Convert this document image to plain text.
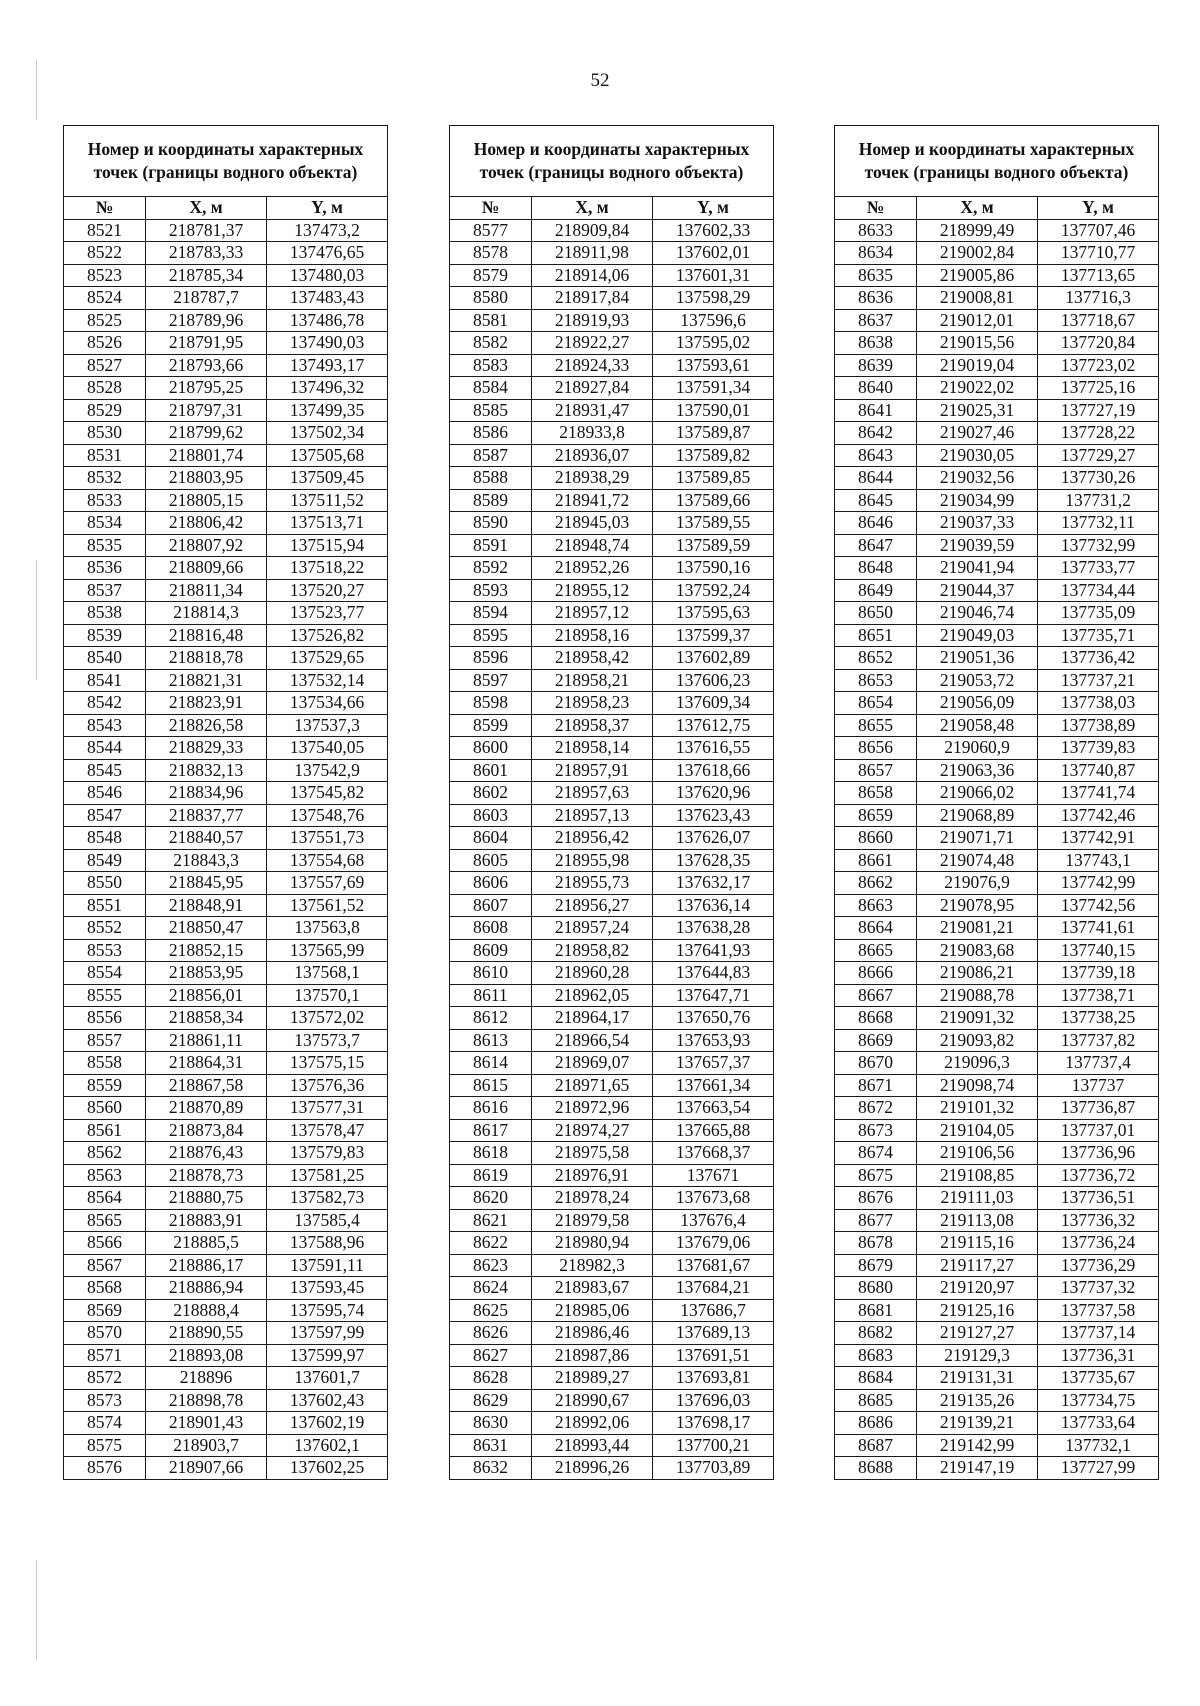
52
Номер и координаты характерных точек (границы водного объекта)		
№	X, м	Y, м
8521	218781,37	137473,2
8522	218783,33	137476,65
8523	218785,34	137480,03
8524	218787,7	137483,43
8525	218789,96	137486,78
8526	218791,95	137490,03
8527	218793,66	137493,17
8528	218795,25	137496,32
8529	218797,31	137499,35
8530	218799,62	137502,34
8531	218801,74	137505,68
8532	218803,95	137509,45
8533	218805,15	137511,52
8534	218806,42	137513,71
8535	218807,92	137515,94
8536	218809,66	137518,22
8537	218811,34	137520,27
8538	218814,3	137523,77
8539	218816,48	137526,82
8540	218818,78	137529,65
8541	218821,31	137532,14
8542	218823,91	137534,66
8543	218826,58	137537,3
8544	218829,33	137540,05
8545	218832,13	137542,9
8546	218834,96	137545,82
8547	218837,77	137548,76
8548	218840,57	137551,73
8549	218843,3	137554,68
8550	218845,95	137557,69
8551	218848,91	137561,52
8552	218850,47	137563,8
8553	218852,15	137565,99
8554	218853,95	137568,1
8555	218856,01	137570,1
8556	218858,34	137572,02
8557	218861,11	137573,7
8558	218864,31	137575,15
8559	218867,58	137576,36
8560	218870,89	137577,31
8561	218873,84	137578,47
8562	218876,43	137579,83
8563	218878,73	137581,25
8564	218880,75	137582,73
8565	218883,91	137585,4
8566	218885,5	137588,96
8567	218886,17	137591,11
8568	218886,94	137593,45
8569	218888,4	137595,74
8570	218890,55	137597,99
8571	218893,08	137599,97
8572	218896	137601,7
8573	218898,78	137602,43
8574	218901,43	137602,19
8575	218903,7	137602,1
8576	218907,66	137602,25
Номер и координаты характерных точек (границы водного объекта)		
№	X, м	Y, м
8577	218909,84	137602,33
8578	218911,98	137602,01
8579	218914,06	137601,31
8580	218917,84	137598,29
8581	218919,93	137596,6
8582	218922,27	137595,02
8583	218924,33	137593,61
8584	218927,84	137591,34
8585	218931,47	137590,01
8586	218933,8	137589,87
8587	218936,07	137589,82
8588	218938,29	137589,85
8589	218941,72	137589,66
8590	218945,03	137589,55
8591	218948,74	137589,59
8592	218952,26	137590,16
8593	218955,12	137592,24
8594	218957,12	137595,63
8595	218958,16	137599,37
8596	218958,42	137602,89
8597	218958,21	137606,23
8598	218958,23	137609,34
8599	218958,37	137612,75
8600	218958,14	137616,55
8601	218957,91	137618,66
8602	218957,63	137620,96
8603	218957,13	137623,43
8604	218956,42	137626,07
8605	218955,98	137628,35
8606	218955,73	137632,17
8607	218956,27	137636,14
8608	218957,24	137638,28
8609	218958,82	137641,93
8610	218960,28	137644,83
8611	218962,05	137647,71
8612	218964,17	137650,76
8613	218966,54	137653,93
8614	218969,07	137657,37
8615	218971,65	137661,34
8616	218972,96	137663,54
8617	218974,27	137665,88
8618	218975,58	137668,37
8619	218976,91	137671
8620	218978,24	137673,68
8621	218979,58	137676,4
8622	218980,94	137679,06
8623	218982,3	137681,67
8624	218983,67	137684,21
8625	218985,06	137686,7
8626	218986,46	137689,13
8627	218987,86	137691,51
8628	218989,27	137693,81
8629	218990,67	137696,03
8630	218992,06	137698,17
8631	218993,44	137700,21
8632	218996,26	137703,89
Номер и координаты характерных точек (границы водного объекта)		
№	X, м	Y, м
8633	218999,49	137707,46
8634	219002,84	137710,77
8635	219005,86	137713,65
8636	219008,81	137716,3
8637	219012,01	137718,67
8638	219015,56	137720,84
8639	219019,04	137723,02
8640	219022,02	137725,16
8641	219025,31	137727,19
8642	219027,46	137728,22
8643	219030,05	137729,27
8644	219032,56	137730,26
8645	219034,99	137731,2
8646	219037,33	137732,11
8647	219039,59	137732,99
8648	219041,94	137733,77
8649	219044,37	137734,44
8650	219046,74	137735,09
8651	219049,03	137735,71
8652	219051,36	137736,42
8653	219053,72	137737,21
8654	219056,09	137738,03
8655	219058,48	137738,89
8656	219060,9	137739,83
8657	219063,36	137740,87
8658	219066,02	137741,74
8659	219068,89	137742,46
8660	219071,71	137742,91
8661	219074,48	137743,1
8662	219076,9	137742,99
8663	219078,95	137742,56
8664	219081,21	137741,61
8665	219083,68	137740,15
8666	219086,21	137739,18
8667	219088,78	137738,71
8668	219091,32	137738,25
8669	219093,82	137737,82
8670	219096,3	137737,4
8671	219098,74	137737
8672	219101,32	137736,87
8673	219104,05	137737,01
8674	219106,56	137736,96
8675	219108,85	137736,72
8676	219111,03	137736,51
8677	219113,08	137736,32
8678	219115,16	137736,24
8679	219117,27	137736,29
8680	219120,97	137737,32
8681	219125,16	137737,58
8682	219127,27	137737,14
8683	219129,3	137736,31
8684	219131,31	137735,67
8685	219135,26	137734,75
8686	219139,21	137733,64
8687	219142,99	137732,1
8688	219147,19	137727,99
